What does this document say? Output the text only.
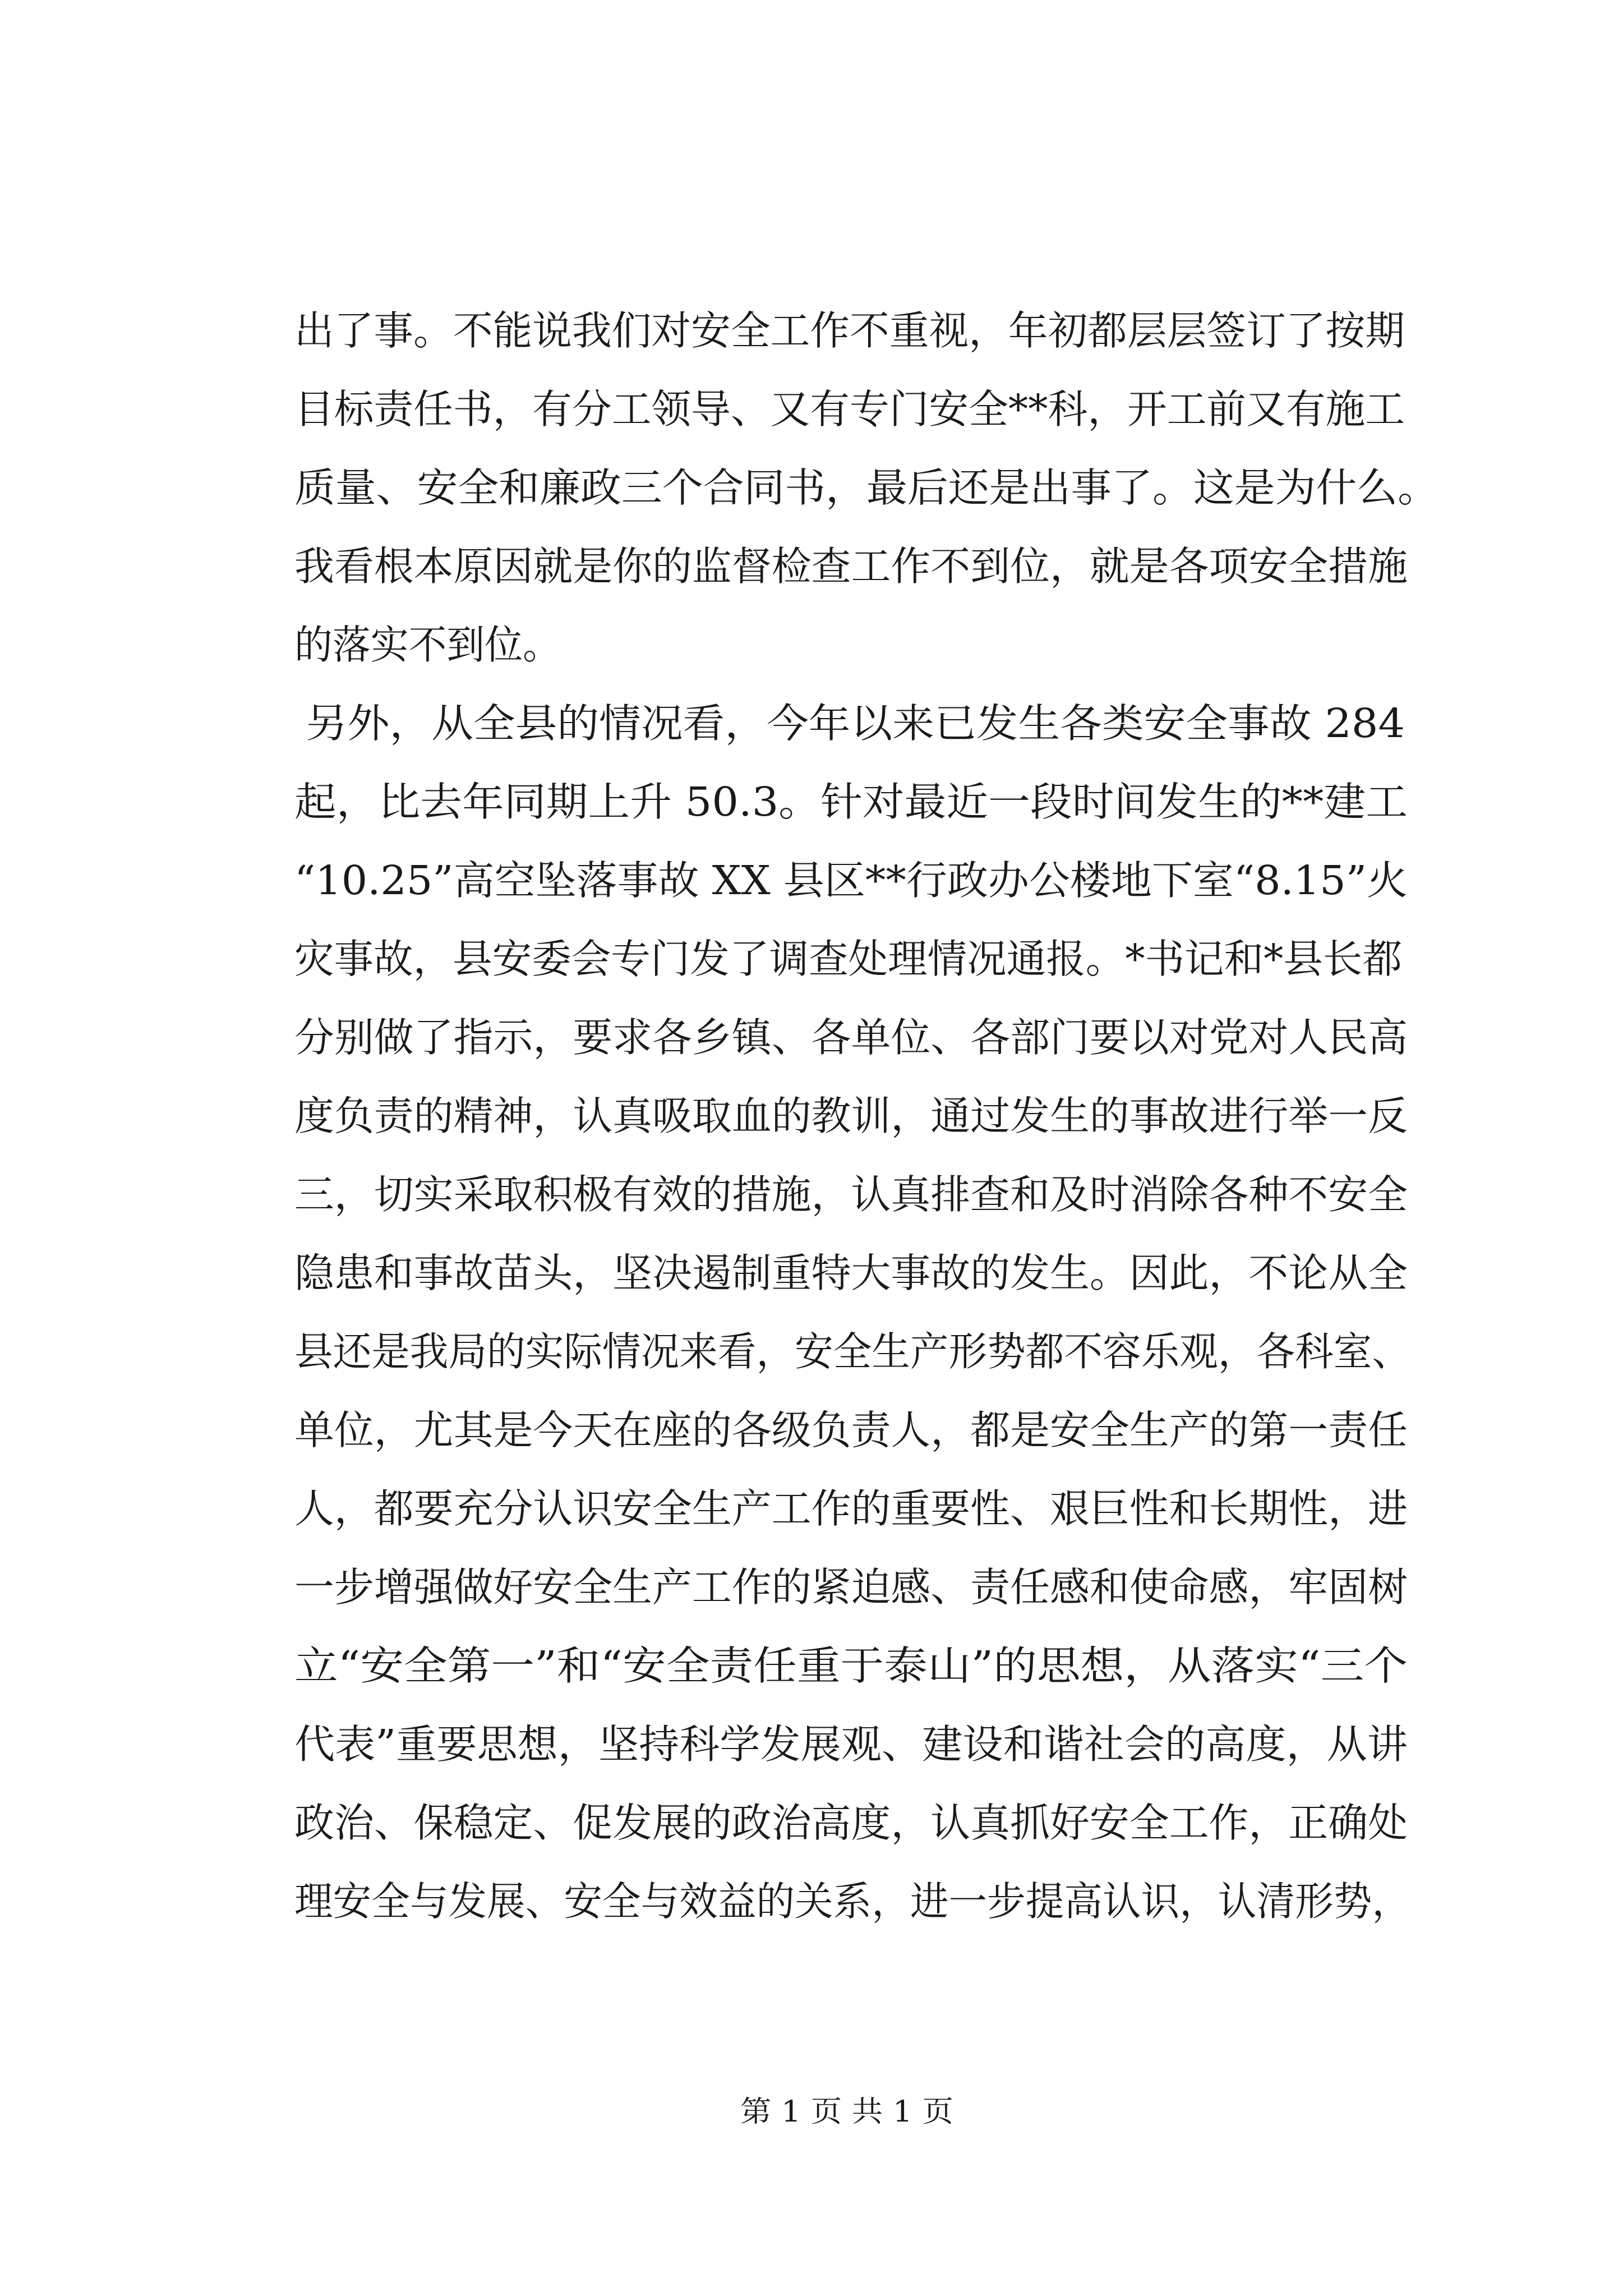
出了事。不能说我们对安全工作不重视，年初都层层签订了按期
目标责任书，有分工领导、又有专门安全**科，开工前又有施工
质量、安全和廉政三个合同书，最后还是出事了。这是为什么。
我看根本原因就是你的监督检查工作不到位，就是各项安全措施
的落实不到位。
另外，从全县的情况看，今年以来已发生各类安全事故 284
起，比去年同期上升 50.3。针对最近一段时间发生的**建工
“10.25”高空坠落事故 XX 县区**行政办公楼地下室“8.15”火
灾事故，县安委会专门发了调查处理情况通报。*书记和*县长都
分别做了指示，要求各乡镇、各单位、各部门要以对党对人民高
度负责的精神，认真吸取血的教训，通过发生的事故进行举一反
三，切实采取积极有效的措施，认真排查和及时消除各种不安全
隐患和事故苗头，坚决遏制重特大事故的发生。因此，不论从全
县还是我局的实际情况来看，安全生产形势都不容乐观，各科室、
单位，尤其是今天在座的各级负责人，都是安全生产的第一责任
人，都要充分认识安全生产工作的重要性、艰巨性和长期性，进
一步增强做好安全生产工作的紧迫感、责任感和使命感，牢固树
立“安全第一”和“安全责任重于泰山”的思想，从落实“三个
代表”重要思想，坚持科学发展观、建设和谐社会的高度，从讲
政治、保稳定、促发展的政治高度，认真抓好安全工作，正确处
理安全与发展、安全与效益的关系，进一步提高认识，认清形势，
第 1 页 共 1 页
